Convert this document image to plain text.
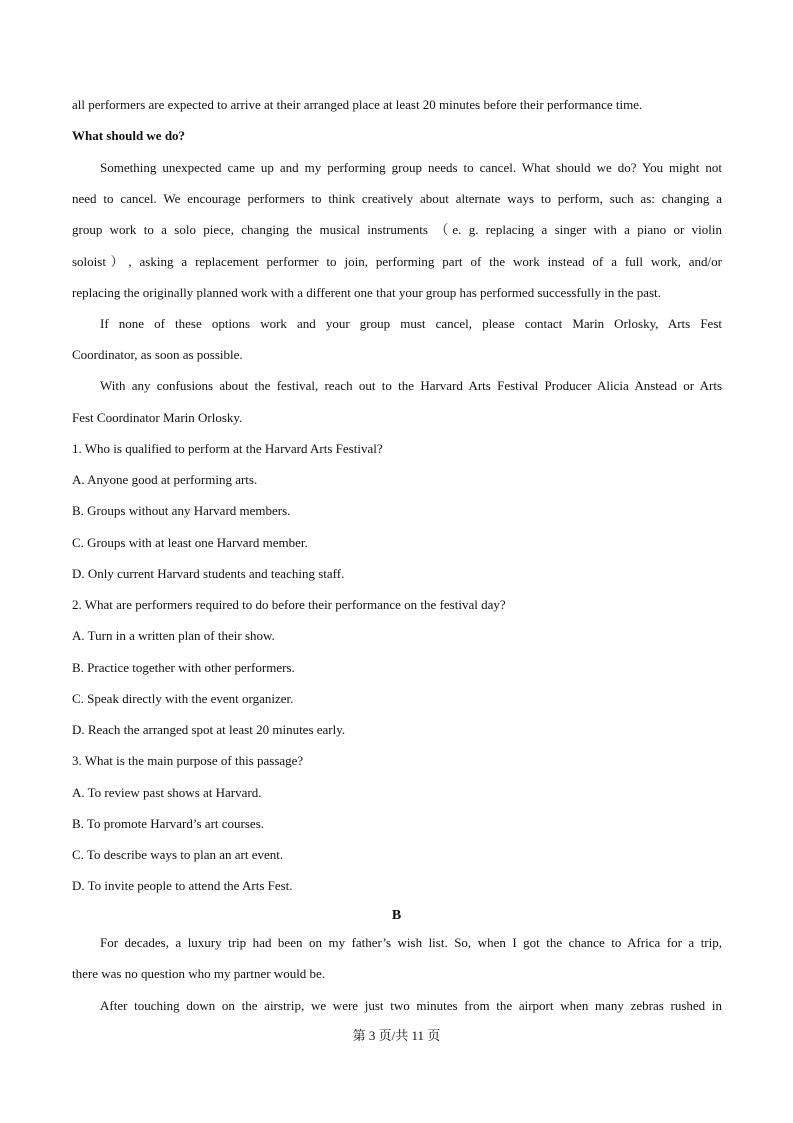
all performers are expected to arrive at their arranged place at least 20 minutes before their performance time.
What should we do?
Something unexpected came up and my performing group needs to cancel. What should we do? You might not
need to cancel. We encourage performers to think creatively about alternate ways to perform, such as: changing a
group work to a solo piece, changing the musical instruments （e. g. replacing a singer with a piano or violin
soloist）, asking a replacement performer to join, performing part of the work instead of a full work, and/or
replacing the originally planned work with a different one that your group has performed successfully in the past.
If none of these options work and your group must cancel, please contact Marin Orlosky, Arts Fest
Coordinator, as soon as possible.
With any confusions about the festival, reach out to the Harvard Arts Festival Producer Alicia Anstead or Arts
Fest Coordinator Marin Orlosky.
1. Who is qualified to perform at the Harvard Arts Festival?
A. Anyone good at performing arts.
B. Groups without any Harvard members.
C. Groups with at least one Harvard member.
D. Only current Harvard students and teaching staff.
2. What are performers required to do before their performance on the festival day?
A. Turn in a written plan of their show.
B. Practice together with other performers.
C. Speak directly with the event organizer.
D. Reach the arranged spot at least 20 minutes early.
3. What is the main purpose of this passage?
A. To review past shows at Harvard.
B. To promote Harvard’s art courses.
C. To describe ways to plan an art event.
D. To invite people to attend the Arts Fest.
B
For decades, a luxury trip had been on my father’s wish list. So, when I got the chance to Africa for a trip,
there was no question who my partner would be.
After touching down on the airstrip, we were just two minutes from the airport when many zebras rushed in
第 3 页/共 11 页
